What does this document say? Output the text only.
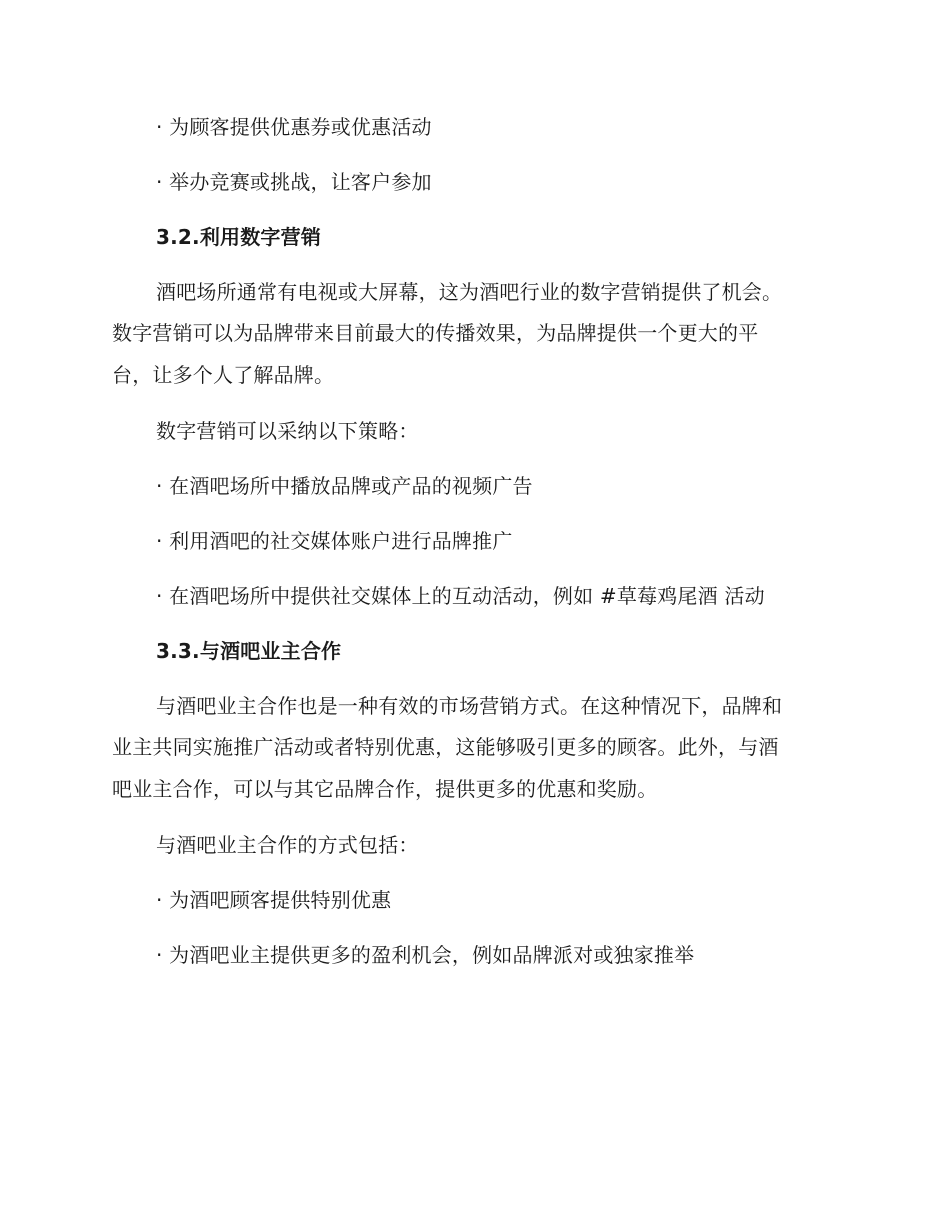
· 为顾客提供优惠券或优惠活动
· 举办竞赛或挑战，让客户参加
3.2.利用数字营销
酒吧场所通常有电视或大屏幕，这为酒吧行业的数字营销提供了机会。
数字营销可以为品牌带来目前最大的传播效果，为品牌提供一个更大的平
台，让多个人了解品牌。
数字营销可以采纳以下策略：
· 在酒吧场所中播放品牌或产品的视频广告
· 利用酒吧的社交媒体账户进行品牌推广
· 在酒吧场所中提供社交媒体上的互动活动，例如 #草莓鸡尾酒 活动
3.3.与酒吧业主合作
与酒吧业主合作也是一种有效的市场营销方式。在这种情况下，品牌和
业主共同实施推广活动或者特别优惠，这能够吸引更多的顾客。此外，与酒
吧业主合作，可以与其它品牌合作，提供更多的优惠和奖励。
与酒吧业主合作的方式包括：
· 为酒吧顾客提供特别优惠
· 为酒吧业主提供更多的盈利机会，例如品牌派对或独家推举
